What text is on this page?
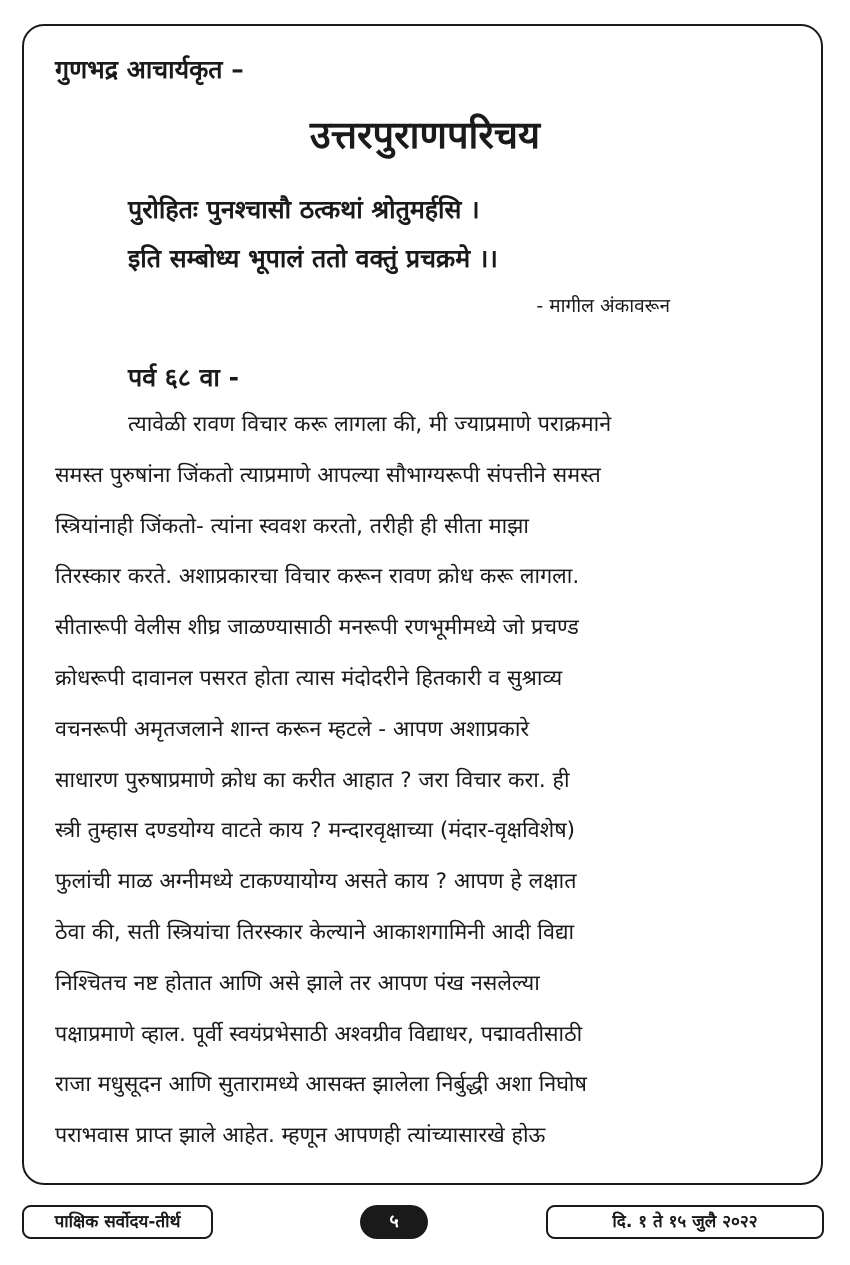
गुणभद्र आचार्यकृत –
उत्तरपुराणपरिचय
पुरोहितः पुनश्चासौ ठत्कथां श्रोतुमर्हसि ।
इति सम्बोध्य भूपालं ततो वक्तुं प्रचक्रमे ।।
- मागील अंकावरून
पर्व ६८ वा -
त्यावेळी रावण विचार करू लागला की, मी ज्याप्रमाणे पराक्रमाने
समस्त पुरुषांना जिंकतो त्याप्रमाणे आपल्या सौभाग्यरूपी संपत्तीने समस्त
स्त्रियांनाही जिंकतो- त्यांना स्ववश करतो, तरीही ही सीता माझा
तिरस्कार करते. अशाप्रकारचा विचार करून रावण क्रोध करू लागला.
सीतारूपी वेलीस शीघ्र जाळण्यासाठी मनरूपी रणभूमीमध्ये जो प्रचण्ड
क्रोधरूपी दावानल पसरत होता त्यास मंदोदरीने हितकारी व सुश्राव्य
वचनरूपी अमृतजलाने शान्त करून म्हटले - आपण अशाप्रकारे
साधारण पुरुषाप्रमाणे क्रोध का करीत आहात ? जरा विचार करा. ही
स्त्री तुम्हास दण्डयोग्य वाटते काय ? मन्दारवृक्षाच्या (मंदार-वृक्षविशेष)
फुलांची माळ अग्नीमध्ये टाकण्यायोग्य असते काय ? आपण हे लक्षात
ठेवा की, सती स्त्रियांचा तिरस्कार केल्याने आकाशगामिनी आदी विद्या
निश्चितच नष्ट होतात आणि असे झाले तर आपण पंख नसलेल्या
पक्षाप्रमाणे व्हाल. पूर्वी स्वयंप्रभेसाठी अश्वग्रीव विद्याधर, पद्मावतीसाठी
राजा मधुसूदन आणि सुतारामध्ये आसक्त झालेला निर्बुद्धी अशा निघोष
पराभवास प्राप्त झाले आहेत. म्हणून आपणही त्यांच्यासारखे होऊ
पाक्षिक सर्वोदय-तीर्थ	५	दि. १ ते १५ जुलै २०२२
